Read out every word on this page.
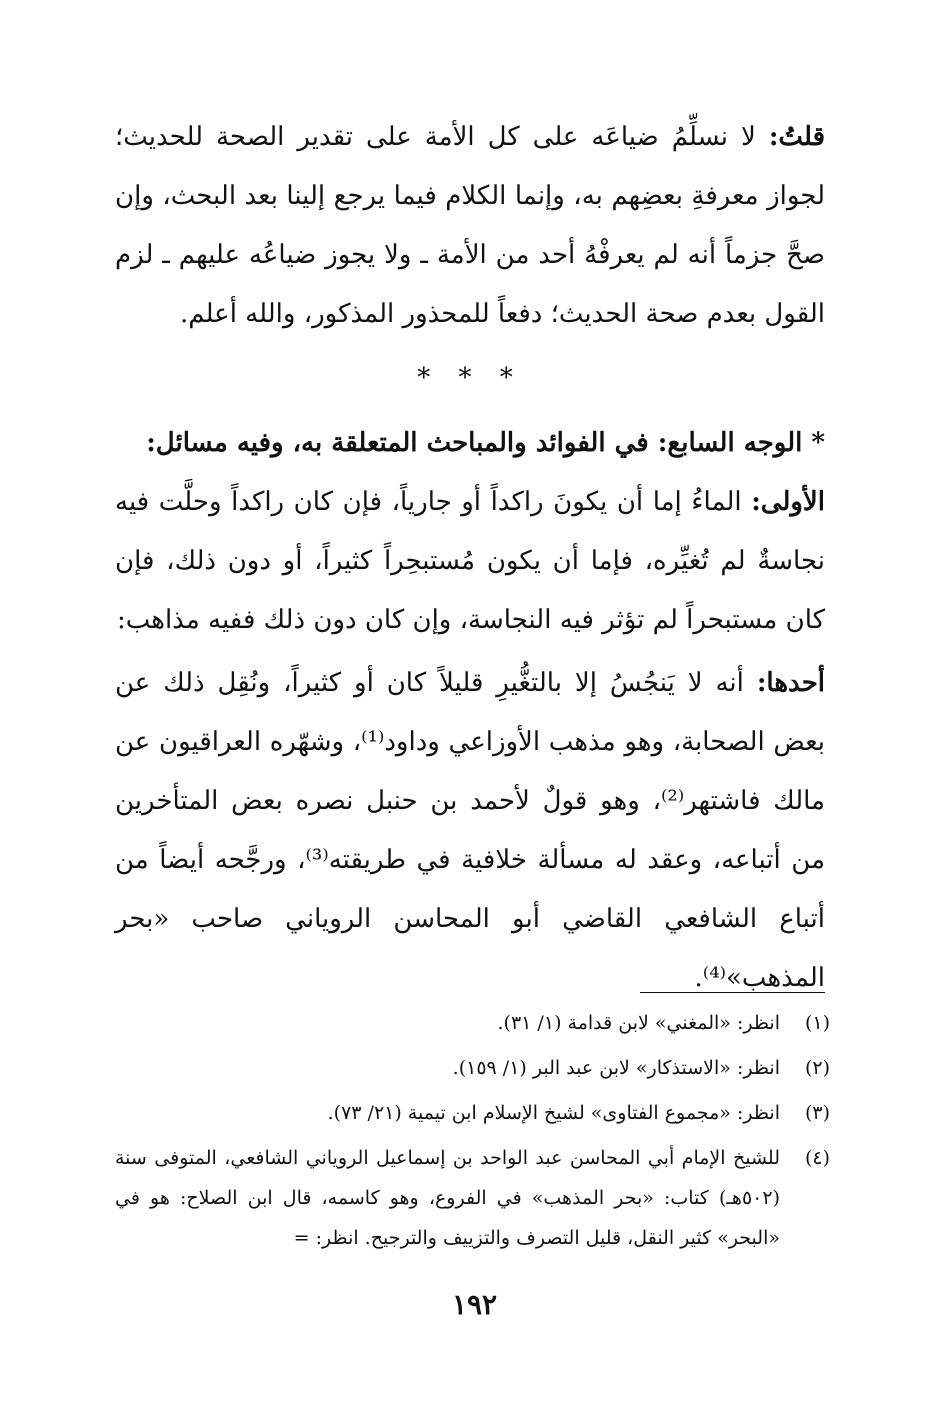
قلتُ: لا نسلِّمُ ضياعَه على كل الأمة على تقدير الصحة للحديث؛ لجواز معرفةِ بعضِهم به، وإنما الكلام فيما يرجع إلينا بعد البحث، وإن صحَّ جزماً أنه لم يعرفْهُ أحد من الأمة ـ ولا يجوز ضياعُه عليهم ـ لزم القول بعدم صحة الحديث؛ دفعاً للمحذور المذكور، والله أعلم.

* * *

* الوجه السابع: في الفوائد والمباحث المتعلقة به، وفيه مسائل:

الأولى: الماءُ إما أن يكونَ راكداً أو جارياً، فإن كان راكداً وحلَّت فيه نجاسةٌ لم تُغيِّره، فإما أن يكون مُستبحِراً كثيراً، أو دون ذلك، فإن كان مستبحراً لم تؤثر فيه النجاسة، وإن كان دون ذلك ففيه مذاهب:

أحدها: أنه لا يَنجُسُ إلا بالتغُّيرِ قليلاً كان أو كثيراً، ونُقِل ذلك عن بعض الصحابة، وهو مذهب الأوزاعي وداود⁽¹⁾، وشهّره العراقيون عن مالك فاشتهر⁽²⁾، وهو قولٌ لأحمد بن حنبل نصره بعض المتأخرين من أتباعه، وعقد له مسألة خلافية في طريقته⁽³⁾، ورجَّحه أيضاً من أتباع الشافعي القاضي أبو المحاسن الروياني صاحب «بحر المذهب»⁽⁴⁾.

(١)
انظر: «المغني» لابن قدامة (١/ ٣١).
(٢)
انظر: «الاستذكار» لابن عبد البر (١/ ١٥٩).
(٣)
انظر: «مجموع الفتاوى» لشيخ الإسلام ابن تيمية (٢١/ ٧٣).
(٤)
للشيخ الإمام أبي المحاسن عبد الواحد بن إسماعيل الروياني الشافعي، المتوفى سنة (٥٠٢هـ) كتاب: «بحر المذهب» في الفروع، وهو كاسمه، قال ابن الصلاح: هو في «البحر» كثير النقل، قليل التصرف والتزييف والترجيح. انظر: =
١٩٢
